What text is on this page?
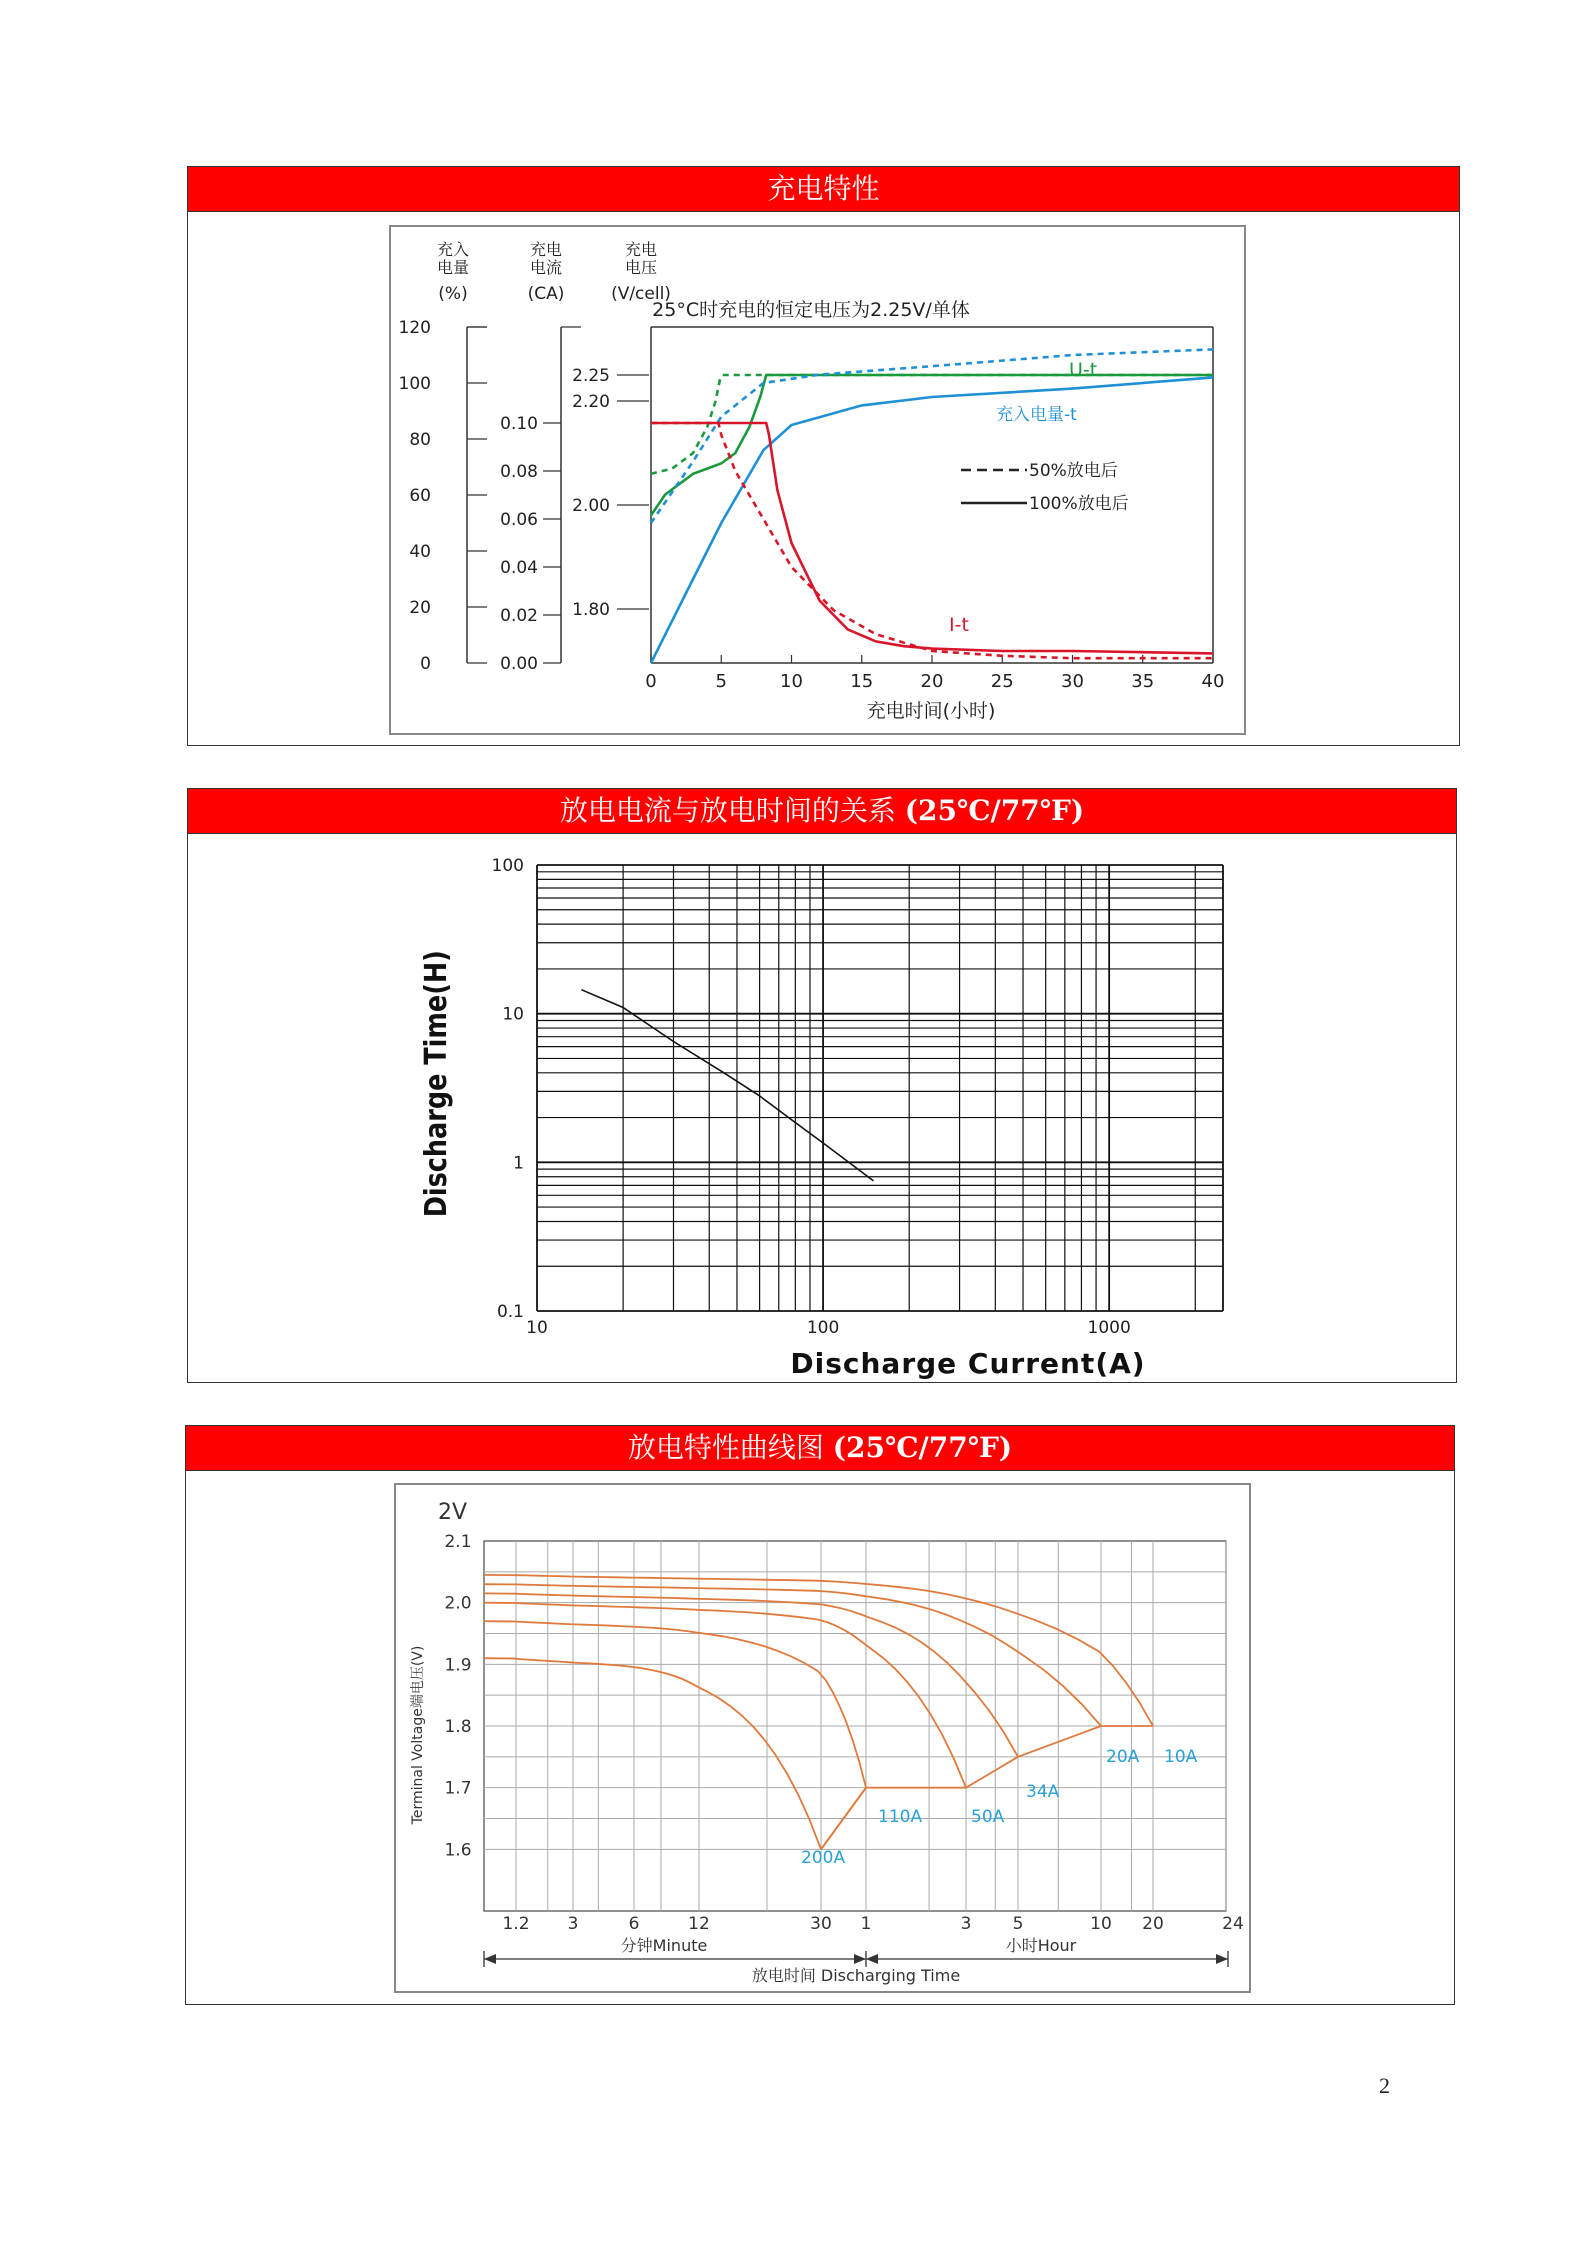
充电特性
25°C时充电的恒定电压为2.25V/单体
0	5	10	15	20	25	30	35	40
充电时间(小时)
充入
电量
(%)
120
100
80
60
40
20
0
充电
电流
(CA)
0.10
0.08
0.06
0.04
0.02
0.00
充电
电压
(V/cell)
2.25
2.20
2.00
1.80
U-t
充入电量-t
I-t
50%放电后
100%放电后
放电电流与放电时间的关系 (25℃/77℉)
100
10
1
0.1
10	100	1000
Discharge Current(A)
Discharge Time(H)
放电特性曲线图 (25℃/77℉)
2.1
2.0
1.9
1.8
1.7
1.6
2V
Terminal Voltage端电压(V)
1.2 3	6	12	30 1	3 5	10 20	24
分钟Minute	小时Hour
放电时间 Discharging Time
200A
110A	50A
34A
20A 10A
2
